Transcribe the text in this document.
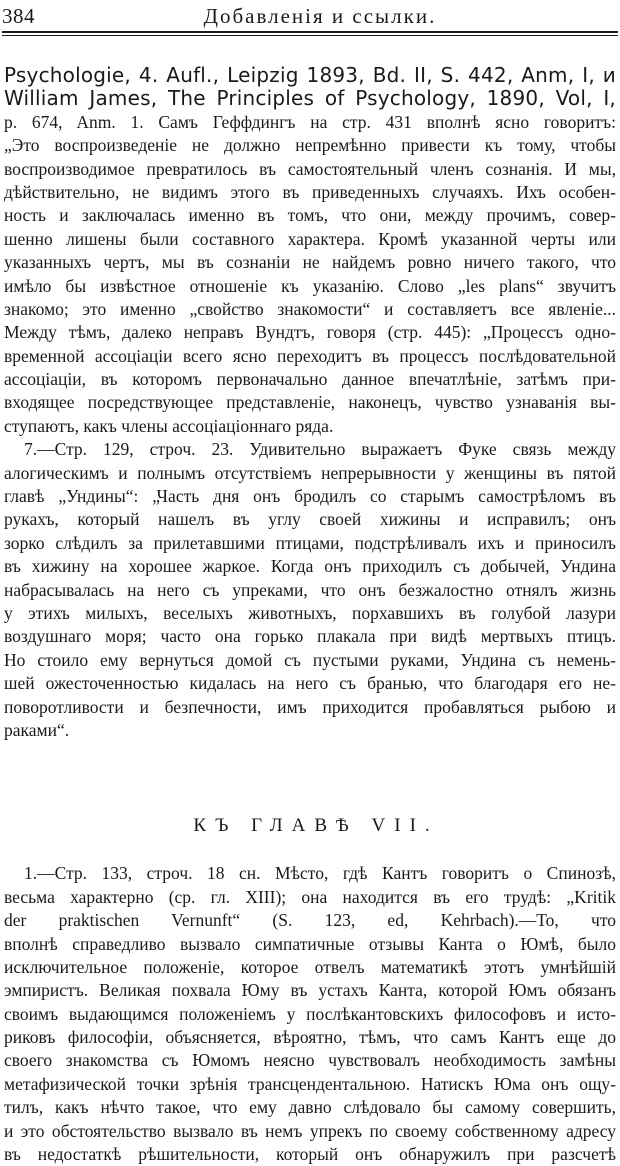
384	Добавленія и ссылки.
Psychologie, 4. Aufl., Leipzig 1893, Bd. II, S. 442, Anm, I, и
William James, The Principles of Psychology, 1890, Vol, I,
p. 674, Anm. 1. Самъ Геффдингъ на стр. 431 вполнѣ ясно говоритъ:
„Это воспроизведеніе не должно непремѣнно привести къ тому, чтобы
воспроизводимое превратилось въ самостоятельный членъ сознанія. И мы,
дѣйствительно, не видимъ этого въ приведенныхъ случаяхъ. Ихъ особен-
ность и заключалась именно въ томъ, что они, между прочимъ, совер-
шенно лишены были составного характера. Кромѣ указанной черты или
указанныхъ чертъ, мы въ сознаніи не найдемъ ровно ничего такого, что
имѣло бы извѣстное отношеніе къ указанію. Слово „les plans“ звучитъ
знакомо; это именно „свойство знакомости“ и составляетъ все явленіе...
Между тѣмъ, далеко неправъ Вундтъ, говоря (стр. 445): „Процессъ одно-
временной ассоціаціи всего ясно переходитъ въ процессъ послѣдовательной
ассоціаціи, въ которомъ первоначально данное впечатлѣніе, затѣмъ при-
входящее посредствующее представленіе, наконецъ, чувство узнаванія вы-
ступаютъ, какъ члены ассоціаціоннаго ряда.
7.—Стр. 129, строч. 23. Удивительно выражаетъ Фуке связь между
алогическимъ и полнымъ отсутствіемъ непрерывности у женщины въ пятой
главѣ „Ундины“: „Часть дня онъ бродилъ со старымъ самострѣломъ въ
рукахъ, который нашелъ въ углу своей хижины и исправилъ; онъ
зорко слѣдилъ за прилетавшими птицами, подстрѣливалъ ихъ и приносилъ
въ хижину на хорошее жаркое. Когда онъ приходилъ съ добычей, Ундина
набрасывалась на него съ упреками, что онъ безжалостно отнялъ жизнь
у этихъ милыхъ, веселыхъ животныхъ, порхавшихъ въ голубой лазури
воздушнаго моря; часто она горько плакала при видѣ мертвыхъ птицъ.
Но стоило ему вернуться домой съ пустыми руками, Ундина съ немень-
шей ожесточенностью кидалась на него съ бранью, что благодаря его не-
поворотливости и безпечности, имъ приходится пробавляться рыбою и
раками“.
КЪ ГЛАВѢ VII.
1.—Стр. 133, строч. 18 сн. Мѣсто, гдѣ Кантъ говоритъ о Спинозѣ,
весьма характерно (ср. гл. XIII); она находится въ его трудѣ: „Kritik
der praktischen Vernunft“ (S. 123, ed, Kehrbach).—То, что
вполнѣ справедливо вызвало симпатичные отзывы Канта о Юмѣ, было
исключительное положеніе, которое отвелъ математикѣ этотъ умнѣйшій
эмпиристъ. Великая похвала Юму въ устахъ Канта, которой Юмъ обязанъ
своимъ выдающимся положеніемъ у послѣкантовскихъ философовъ и исто-
риковъ философіи, объясняется, вѣроятно, тѣмъ, что самъ Кантъ еще до
своего знакомства съ Юмомъ неясно чувствовалъ необходимость замѣны
метафизической точки зрѣнія трансцендентальною. Натискъ Юма онъ ощу-
тилъ, какъ нѣчто такое, что ему давно слѣдовало бы самому совершить,
и это обстоятельство вызвало въ немъ упрекъ по своему собственному адресу
въ недостаткѣ рѣшительности, который онъ обнаружилъ при разсчетѣ
